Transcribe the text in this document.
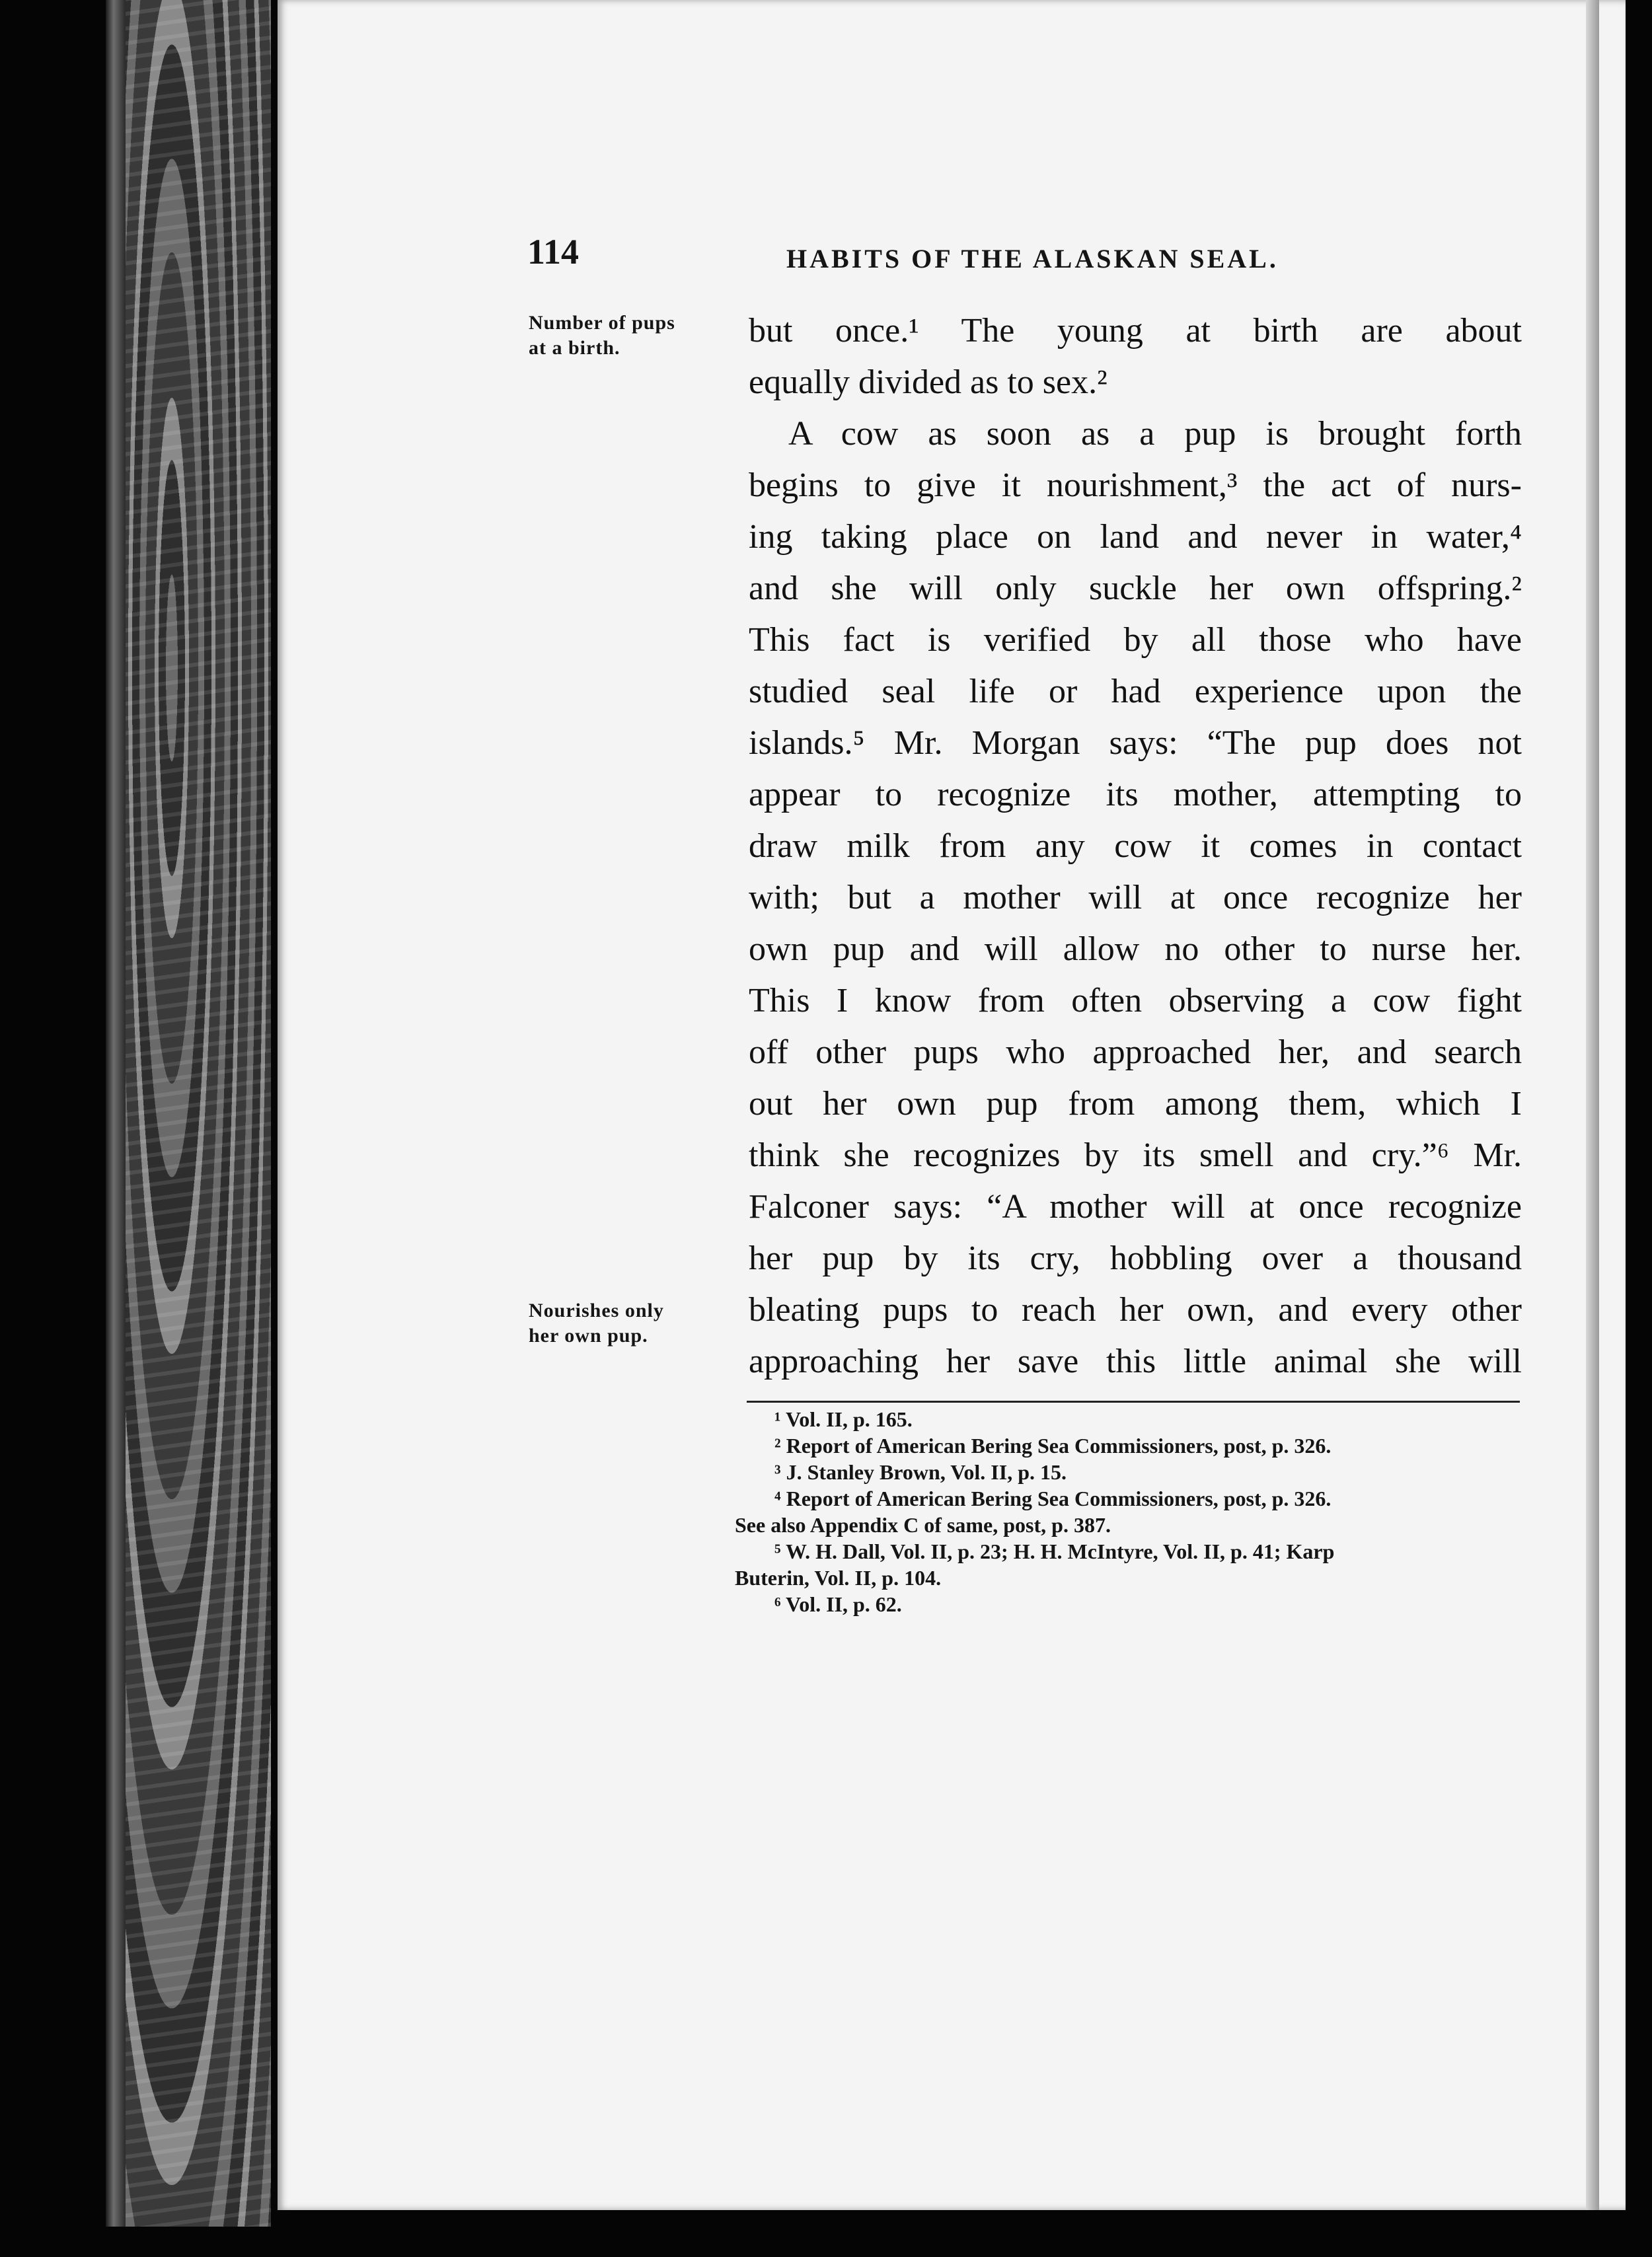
114	HABITS OF THE ALASKAN SEAL.
Number of pups
at a birth.
Nourishes only
her own pup.
but once.¹ The young at birth are about
equally divided as to sex.²
A cow as soon as a pup is brought forth
begins to give it nourishment,³ the act of nurs-
ing taking place on land and never in water,⁴
and she will only suckle her own offspring.²
This fact is verified by all those who have
studied seal life or had experience upon the
islands.⁵ Mr. Morgan says: “The pup does not
appear to recognize its mother, attempting to
draw milk from any cow it comes in contact
with; but a mother will at once recognize her
own pup and will allow no other to nurse her.
This I know from often observing a cow fight
off other pups who approached her, and search
out her own pup from among them, which I
think she recognizes by its smell and cry.”⁶ Mr.
Falconer says: “A mother will at once recognize
her pup by its cry, hobbling over a thousand
bleating pups to reach her own, and every other
approaching her save this little animal she will
¹ Vol. II, p. 165.
² Report of American Bering Sea Commissioners, post, p. 326.
³ J. Stanley Brown, Vol. II, p. 15.
⁴ Report of American Bering Sea Commissioners, post, p. 326.
See also Appendix C of same, post, p. 387.
⁵ W. H. Dall, Vol. II, p. 23; H. H. McIntyre, Vol. II, p. 41; Karp
Buterin, Vol. II, p. 104.
⁶ Vol. II, p. 62.
